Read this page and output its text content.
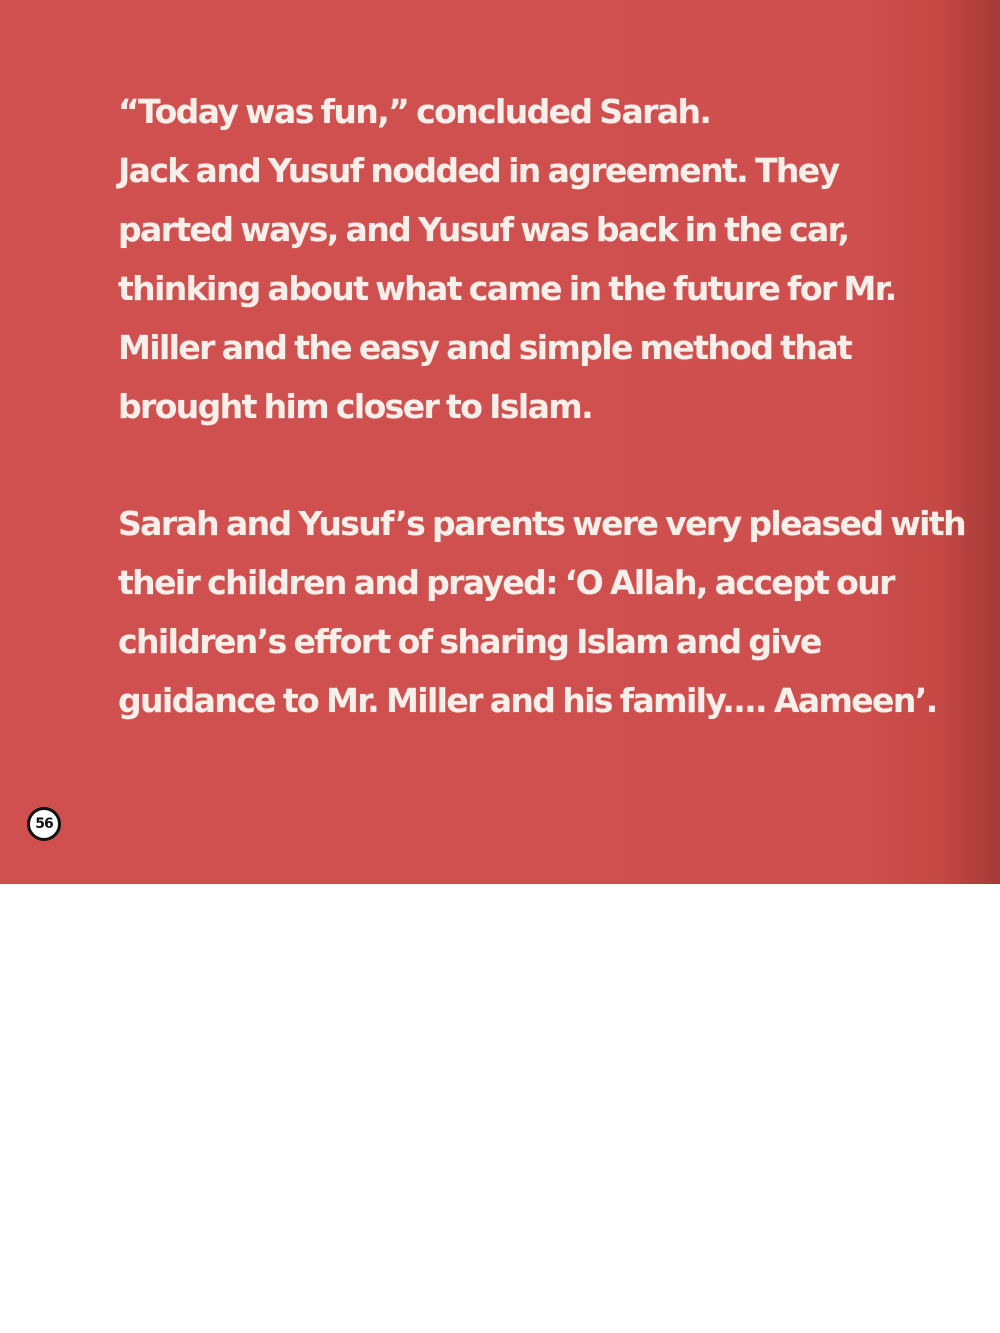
“Today was fun,” concluded Sarah.
Jack and Yusuf nodded in agreement. They
parted ways, and Yusuf was back in the car,
thinking about what came in the future for Mr.
Miller and the easy and simple method that
brought him closer to Islam.

Sarah and Yusuf’s parents were very pleased with
their children and prayed: ‘O Allah, accept our
children’s effort of sharing Islam and give
guidance to Mr. Miller and his family.... Aameen’.

56
